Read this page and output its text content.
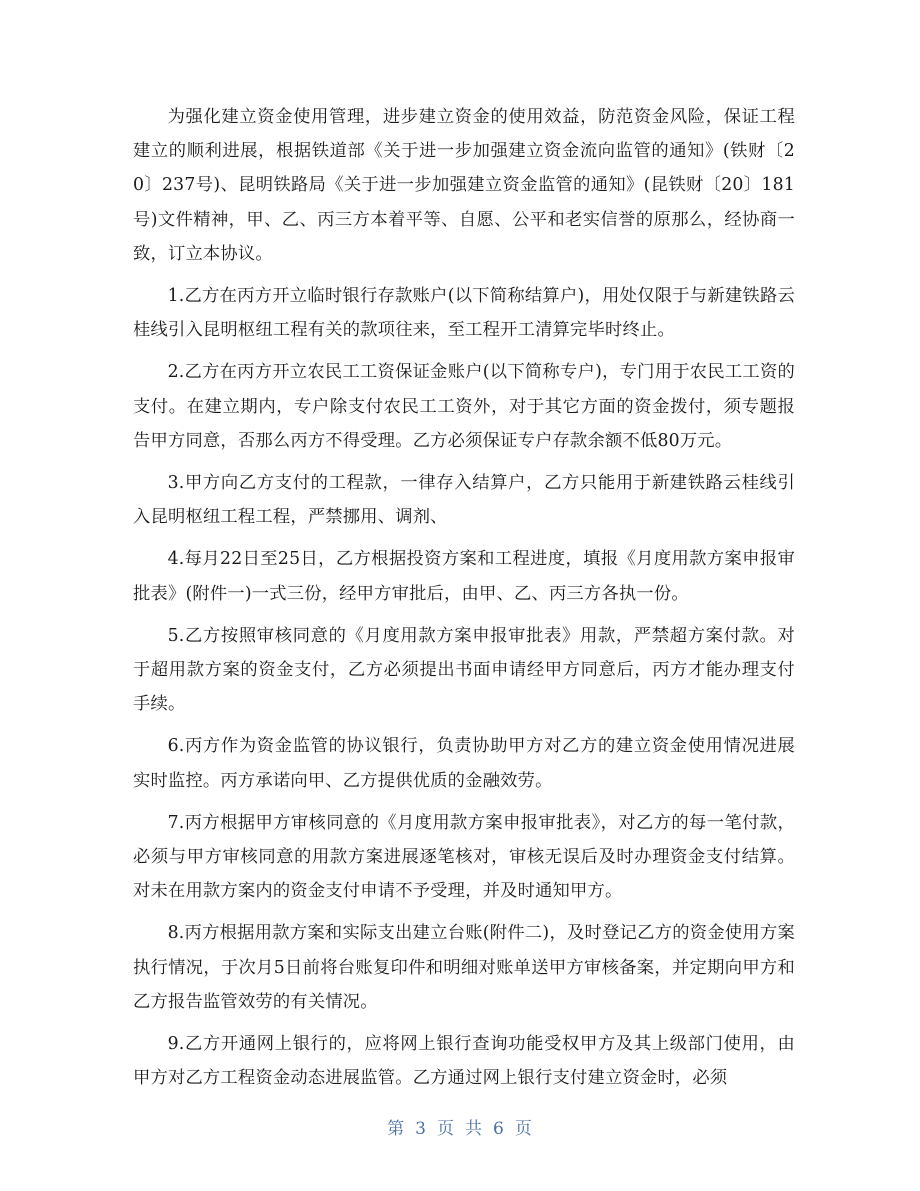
为强化建立资金使用管理，进步建立资金的使用效益，防范资金风险，保证工程建立的顺利进展，根据铁道部《关于进一步加强建立资金流向监管的通知》(铁财〔20〕237号)、昆明铁路局《关于进一步加强建立资金监管的通知》(昆铁财〔20〕181号)文件精神，甲、乙、丙三方本着平等、自愿、公平和老实信誉的原那么，经协商一致，订立本协议。

1.乙方在丙方开立临时银行存款账户(以下简称结算户)，用处仅限于与新建铁路云桂线引入昆明枢纽工程有关的款项往来，至工程开工清算完毕时终止。

2.乙方在丙方开立农民工工资保证金账户(以下简称专户)，专门用于农民工工资的支付。在建立期内，专户除支付农民工工资外，对于其它方面的资金拨付，须专题报告甲方同意，否那么丙方不得受理。乙方必须保证专户存款余额不低80万元。

3.甲方向乙方支付的工程款，一律存入结算户，乙方只能用于新建铁路云桂线引入昆明枢纽工程工程，严禁挪用、调剂、

4.每月22日至25日，乙方根据投资方案和工程进度，填报《月度用款方案申报审批表》(附件一)一式三份，经甲方审批后，由甲、乙、丙三方各执一份。

5.乙方按照审核同意的《月度用款方案申报审批表》用款，严禁超方案付款。对于超用款方案的资金支付，乙方必须提出书面申请经甲方同意后，丙方才能办理支付手续。

6.丙方作为资金监管的协议银行，负责协助甲方对乙方的建立资金使用情况进展实时监控。丙方承诺向甲、乙方提供优质的金融效劳。

7.丙方根据甲方审核同意的《月度用款方案申报审批表》，对乙方的每一笔付款，必须与甲方审核同意的用款方案进展逐笔核对，审核无误后及时办理资金支付结算。对未在用款方案内的资金支付申请不予受理，并及时通知甲方。

8.丙方根据用款方案和实际支出建立台账(附件二)，及时登记乙方的资金使用方案执行情况，于次月5日前将台账复印件和明细对账单送甲方审核备案，并定期向甲方和乙方报告监管效劳的有关情况。

9.乙方开通网上银行的，应将网上银行查询功能受权甲方及其上级部门使用，由甲方对乙方工程资金动态进展监管。乙方通过网上银行支付建立资金时，必须

第 3 页 共 6 页
